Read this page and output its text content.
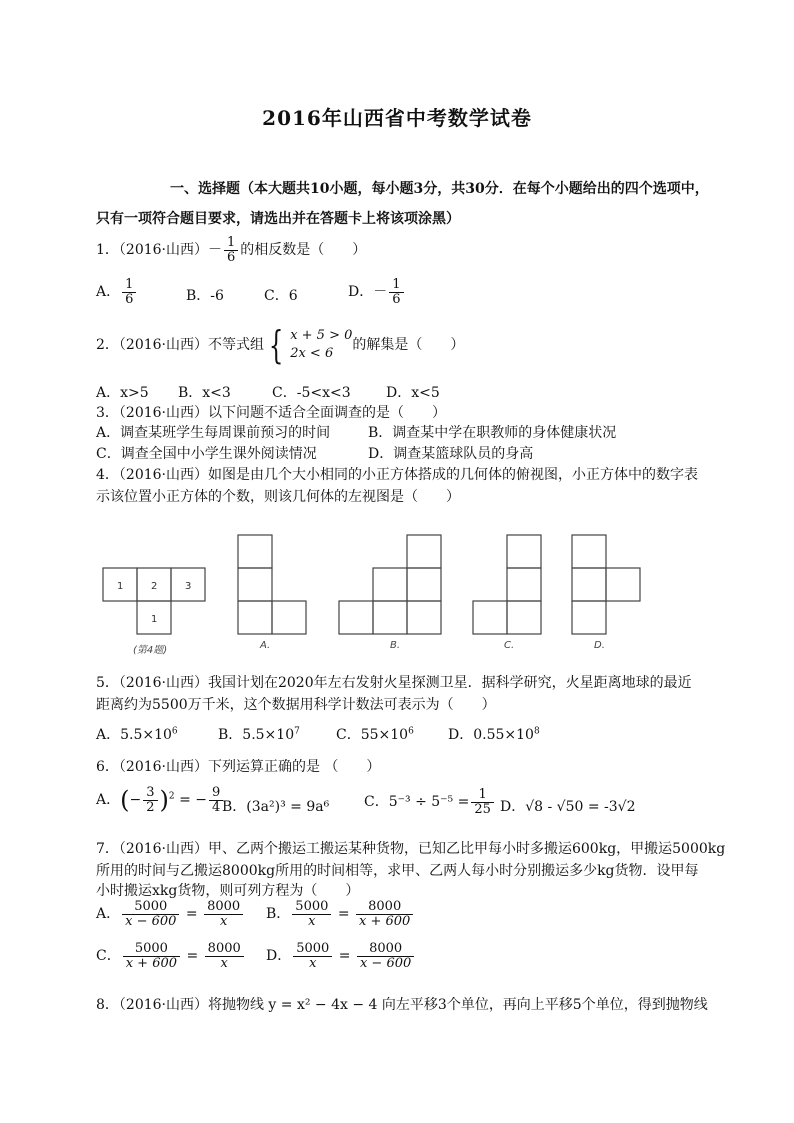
2016年山西省中考数学试卷
一、选择题（本大题共10小题，每小题3分，共30分．在每个小题给出的四个选项中，
只有一项符合题目要求，请选出并在答题卡上将该项涂黑）
1．（2016·山西）－ $\frac{1}{6}$ 的相反数是（　　）
A． $\frac{1}{6}$	B．-6	C．6	D．－ $\frac{1}{6}$
2．（2016·山西）不等式组 { x + 5 > 0
2x < 6
的解集是（　　）
A．x>5 B．x<3	C．-5<x<3	D．x<5
3．（2016·山西）以下问题不适合全面调查的是（　　）
A．调查某班学生每周课前预习的时间	B．调查某中学在职教师的身体健康状况
C．调查全国中小学生课外阅读情况	D．调查某篮球队员的身高
4．（2016·山西）如图是由几个大小相同的小正方体搭成的几何体的俯视图，小正方体中的数字表
示该位置小正方体的个数，则该几何体的左视图是（　　）
1	2	3
1
(第4题)	A.	B.	C.	D.
5．（2016·山西）我国计划在2020年左右发射火星探测卫星．据科学研究，火星距离地球的最近
距离约为5500万千米，这个数据用科学计数法可表示为（　　）
A．$5.5\times 10^6$	B．$5.5\times 10^7$	C．$55\times 10^6$ D．$0.55\times 10^8$
6．（2016·山西）下列运算正确的是 （　　）
A．(− $\frac{3}{2} )^2$ = − $\frac{9}{4}$
B．(3a²)³ = 9a⁶ C．$5^{-3} \div 5^{-5} = \frac{1}{25}$ D．√8 - √50 = -3√2
7．（2016·山西）甲、乙两个搬运工搬运某种货物，已知乙比甲每小时多搬运600kg，甲搬运5000kg
所用的时间与乙搬运8000kg所用的时间相等，求甲、乙两人每小时分别搬运多少kg货物．设甲每
小时搬运xkg货物，则可列方程为（　　）
A． $\frac{5000}{x - 600} = \frac{8000}{x}$ B． $\frac{5000}{x} = \frac{8000}{x + 600}$
C． $\frac{5000}{x + 600} = \frac{8000}{x}$ D． $\frac{5000}{x} = \frac{8000}{x - 600}$
8．（2016·山西）将抛物线 y = x² − 4x − 4 向左平移3个单位，再向上平移5个单位，得到抛物线
